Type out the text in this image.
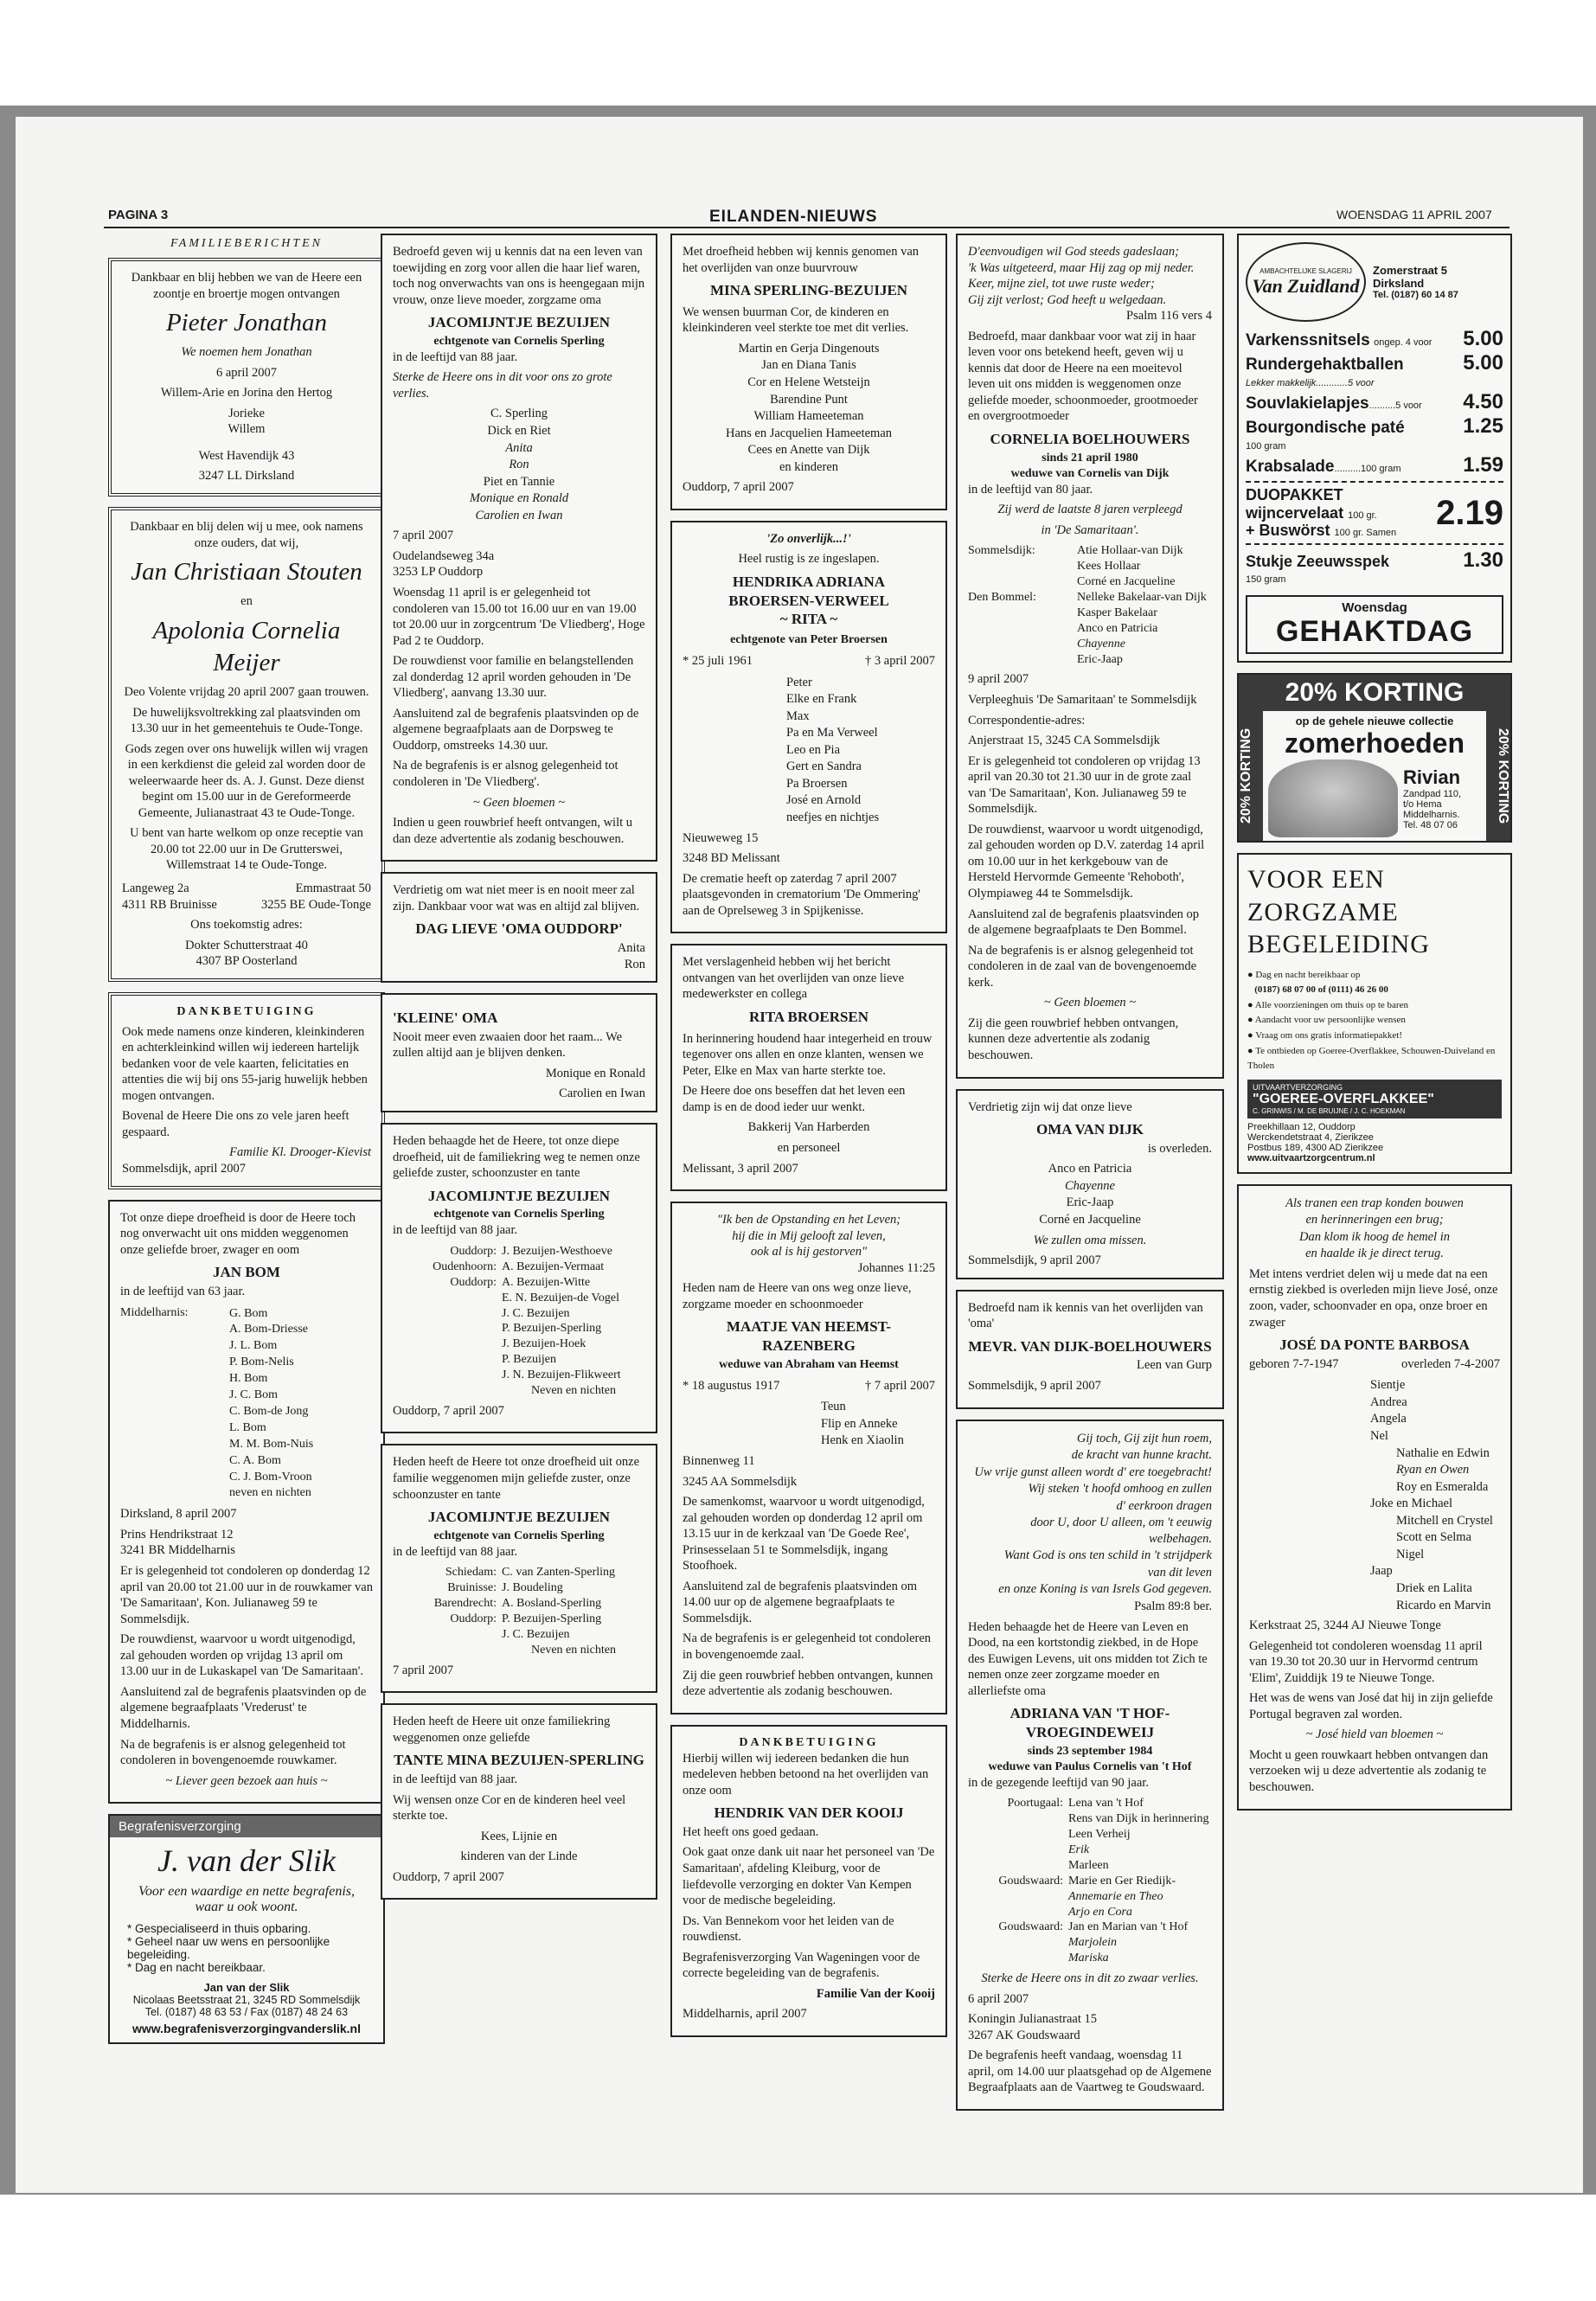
PAGINA 3	EILANDEN-NIEUWS	WOENSDAG 11 APRIL 2007
FAMILIEBERICHTEN
Dankbaar en blij hebben we van de Heere een zoontje en broertje mogen ontvangen
Pieter Jonathan
We noemen hem Jonathan
6 april 2007
Willem-Arie en Jorina den Hertog
Jorieke
Willem
West Havendijk 43
3247 LL Dirksland
Dankbaar en blij delen wij u mee, ook namens onze ouders, dat wij,
Jan Christiaan Stouten
en
Apolonia Cornelia Meijer
Deo Volente vrijdag 20 april 2007 gaan trouwen.
De huwelijksvoltrekking zal plaatsvinden om 13.30 uur in het gemeentehuis te Oude-Tonge.
Gods zegen over ons huwelijk willen wij vragen in een kerkdienst die geleid zal worden door de weleerwaarde heer ds. A. J. Gunst. Deze dienst begint om 15.00 uur in de Gereformeerde Gemeente, Julianastraat 43 te Oude-Tonge.
U bent van harte welkom op onze receptie van 20.00 tot 22.00 uur in De Grutterswei, Willemstraat 14 te Oude-Tonge.
Langeweg 2a
4311 RB Bruinisse
Emmastraat 50
3255 BE Oude-Tonge
Ons toekomstig adres:
Dokter Schutterstraat 40
4307 BP Oosterland
DANKBETUIGING
Ook mede namens onze kinderen, kleinkinderen en achterkleinkind willen wij iedereen hartelijk bedanken voor de vele kaarten, felicitaties en attenties die wij bij ons 55-jarig huwelijk hebben mogen ontvangen.
Bovenal de Heere Die ons zo vele jaren heeft gespaard.
Familie Kl. Drooger-Kievist
Sommelsdijk, april 2007
Tot onze diepe droefheid is door de Heere toch nog onverwacht uit ons midden weggenomen onze geliefde broer, zwager en oom
JAN BOM
in de leeftijd van 63 jaar.
Middelharnis:	G. Bom
A. Bom-Driesse
J. L. Bom
P. Bom-Nelis
H. Bom
J. C. Bom
C. Bom-de Jong
L. Bom
M. M. Bom-Nuis
C. A. Bom
C. J. Bom-Vroon
neven en nichten
Dirksland, 8 april 2007
Prins Hendrikstraat 12
3241 BR Middelharnis
Er is gelegenheid tot condoleren op donderdag 12 april van 20.00 tot 21.00 uur in de rouwkamer van 'De Samaritaan', Kon. Julianaweg 59 te Sommelsdijk.
De rouwdienst, waarvoor u wordt uitgenodigd, zal gehouden worden op vrijdag 13 april om 13.00 uur in de Lukaskapel van 'De Samaritaan'.
Aansluitend zal de begrafenis plaatsvinden op de algemene begraafplaats 'Vrederust' te Middelharnis.
Na de begrafenis is er alsnog gelegenheid tot condoleren in bovengenoemde rouwkamer.
~ Liever geen bezoek aan huis ~
Begrafenisverzorging
J. van der Slik
Voor een waardige en nette begrafenis,
waar u ook woont.
* Gespecialiseerd in thuis opbaring.
* Geheel naar uw wens en persoonlijke begeleiding.
* Dag en nacht bereikbaar.
Jan van der Slik
Nicolaas Beetsstraat 21, 3245 RD Sommelsdijk
Tel. (0187) 48 63 53 / Fax (0187) 48 24 63
www.begrafenisverzorgingvanderslik.nl
Bedroefd geven wij u kennis dat na een leven van toewijding en zorg voor allen die haar lief waren, toch nog onverwachts van ons is heengegaan mijn vrouw, onze lieve moeder, zorgzame oma
JACOMIJNTJE BEZUIJEN
echtgenote van Cornelis Sperling
in de leeftijd van 88 jaar.
Sterke de Heere ons in dit voor ons zo grote verlies.
C. Sperling
Dick en Riet
Anita
Ron
Piet en Tannie
Monique en Ronald
Carolien en Iwan
7 april 2007
Oudelandseweg 34a
3253 LP Ouddorp
Woensdag 11 april is er gelegenheid tot condoleren van 15.00 tot 16.00 uur en van 19.00 tot 20.00 uur in zorgcentrum 'De Vliedberg', Hoge Pad 2 te Ouddorp.
De rouwdienst voor familie en belangstellenden zal donderdag 12 april worden gehouden in 'De Vliedberg', aanvang 13.30 uur.
Aansluitend zal de begrafenis plaatsvinden op de algemene begraafplaats aan de Dorpsweg te Ouddorp, omstreeks 14.30 uur.
Na de begrafenis is er alsnog gelegenheid tot condoleren in 'De Vliedberg'.
~ Geen bloemen ~
Indien u geen rouwbrief heeft ontvangen, wilt u dan deze advertentie als zodanig beschouwen.
Verdrietig om wat niet meer is en nooit meer zal zijn. Dankbaar voor wat was en altijd zal blijven.
DAG LIEVE 'OMA OUDDORP'
Anita
Ron
'KLEINE' OMA
Nooit meer even zwaaien door het raam... We zullen altijd aan je blijven denken.
Monique en Ronald
Carolien en Iwan
Heden behaagde het de Heere, tot onze diepe droefheid, uit de familiekring weg te nemen onze geliefde zuster, schoonzuster en tante
JACOMIJNTJE BEZUIJEN
echtgenote van Cornelis Sperling
in de leeftijd van 88 jaar.
Ouddorp: J. Bezuijen-Westhoeve
Oudenhoorn: A. Bezuijen-Vermaat
Ouddorp: A. Bezuijen-Witte
E. N. Bezuijen-de Vogel
J. C. Bezuijen
P. Bezuijen-Sperling
J. Bezuijen-Hoek
P. Bezuijen
J. N. Bezuijen-Flikweert
Neven en nichten
Ouddorp, 7 april 2007
Heden heeft de Heere tot onze droefheid uit onze familie weggenomen mijn geliefde zuster, onze schoonzuster en tante
JACOMIJNTJE BEZUIJEN
echtgenote van Cornelis Sperling
in de leeftijd van 88 jaar.
Schiedam: C. van Zanten-Sperling
Bruinisse: J. Boudeling
Barendrecht: A. Bosland-Sperling
Ouddorp: P. Bezuijen-Sperling
J. C. Bezuijen
Neven en nichten
7 april 2007
Heden heeft de Heere uit onze familiekring weggenomen onze geliefde
TANTE MINA BEZUIJEN-SPERLING
in de leeftijd van 88 jaar.
Wij wensen onze Cor en de kinderen heel veel sterkte toe.
Kees, Lijnie en
kinderen van der Linde
Ouddorp, 7 april 2007
Met droefheid hebben wij kennis genomen van het overlijden van onze buurvrouw
MINA SPERLING-BEZUIJEN
We wensen buurman Cor, de kinderen en kleinkinderen veel sterkte toe met dit verlies.
Martin en Gerja Dingenouts
Jan en Diana Tanis
Cor en Helene Wetsteijn
Barendine Punt
William Hameeteman
Hans en Jacquelien Hameeteman
Cees en Anette van Dijk
en kinderen
Ouddorp, 7 april 2007
'Zo onverlijk...!'
Heel rustig is ze ingeslapen.
HENDRIKA ADRIANA
BROERSEN-VERWEEL
~ RITA ~
echtgenote van Peter Broersen
* 25 juli 1961	† 3 april 2007
Peter
Elke en Frank
Max
Pa en Ma Verweel
Leo en Pia
Gert en Sandra
Pa Broersen
José en Arnold
neefjes en nichtjes
Nieuweweg 15
3248 BD Melissant
De crematie heeft op zaterdag 7 april 2007 plaatsgevonden in crematorium 'De Ommering' aan de Oprelseweg 3 in Spijkenisse.
Met verslagenheid hebben wij het bericht ontvangen van het overlijden van onze lieve medewerkster en collega
RITA BROERSEN
In herinnering houdend haar integerheid en trouw tegenover ons allen en onze klanten, wensen we Peter, Elke en Max van harte sterkte toe.
De Heere doe ons beseffen dat het leven een damp is en de dood ieder uur wenkt.
Bakkerij Van Harberden
en personeel
Melissant, 3 april 2007
"Ik ben de Opstanding en het Leven;
hij die in Mij gelooft zal leven,
ook al is hij gestorven"
Johannes 11:25
Heden nam de Heere van ons weg onze lieve, zorgzame moeder en schoonmoeder
MAATJE VAN HEEMST-
RAZENBERG
weduwe van Abraham van Heemst
* 18 augustus 1917	† 7 april 2007
Teun
Flip en Anneke
Henk en Xiaolin
Binnenweg 11
3245 AA Sommelsdijk
De samenkomst, waarvoor u wordt uitgenodigd, zal gehouden worden op donderdag 12 april om 13.15 uur in de kerkzaal van 'De Goede Ree', Prinsesselaan 51 te Sommelsdijk, ingang Stoofhoek.
Aansluitend zal de begrafenis plaatsvinden om 14.00 uur op de algemene begraafplaats te Sommelsdijk.
Na de begrafenis is er gelegenheid tot condoleren in bovengenoemde zaal.
Zij die geen rouwbrief hebben ontvangen, kunnen deze advertentie als zodanig beschouwen.
DANKBETUIGING
Hierbij willen wij iedereen bedanken die hun medeleven hebben betoond na het overlijden van onze oom
HENDRIK VAN DER KOOIJ
Het heeft ons goed gedaan.
Ook gaat onze dank uit naar het personeel van 'De Samaritaan', afdeling Kleiburg, voor de liefdevolle verzorging en dokter Van Kempen voor de medische begeleiding.
Ds. Van Bennekom voor het leiden van de rouwdienst.
Begrafenisverzorging Van Wageningen voor de correcte begeleiding van de begrafenis.
Familie Van der Kooij
Middelharnis, april 2007
D'eenvoudigen wil God steeds gadeslaan;
'k Was uitgeteerd, maar Hij zag op mij neder.
Keer, mijne ziel, tot uwe ruste weder;
Gij zijt verlost; God heeft u welgedaan.
Psalm 116 vers 4
Bedroefd, maar dankbaar voor wat zij in haar leven voor ons betekend heeft, geven wij u kennis dat door de Heere na een moeitevol leven uit ons midden is weggenomen onze geliefde moeder, schoonmoeder, grootmoeder en overgrootmoeder
CORNELIA BOELHOUWERS
sinds 21 april 1980
weduwe van Cornelis van Dijk
in de leeftijd van 80 jaar.
Zij werd de laatste 8 jaren verpleegd
in 'De Samaritaan'.
Sommelsdijk:	Atie Hollaar-van Dijk
Kees Hollaar
Corné en Jacqueline
Den Bommel:	Nelleke Bakelaar-van Dijk
Kasper Bakelaar
Anco en Patricia
Chayenne
Eric-Jaap
9 april 2007
Verpleeghuis 'De Samaritaan' te Sommelsdijk
Correspondentie-adres:
Anjerstraat 15, 3245 CA Sommelsdijk
Er is gelegenheid tot condoleren op vrijdag 13 april van 20.30 tot 21.30 uur in de grote zaal van 'De Samaritaan', Kon. Julianaweg 59 te Sommelsdijk.
De rouwdienst, waarvoor u wordt uitgenodigd, zal gehouden worden op D.V. zaterdag 14 april om 10.00 uur in het kerkgebouw van de Hersteld Hervormde Gemeente 'Rehoboth', Olympiaweg 44 te Sommelsdijk.
Aansluitend zal de begrafenis plaatsvinden op de algemene begraafplaats te Den Bommel.
Na de begrafenis is er alsnog gelegenheid tot condoleren in de zaal van de bovengenoemde kerk.
~ Geen bloemen ~
Zij die geen rouwbrief hebben ontvangen, kunnen deze advertentie als zodanig beschouwen.
Verdrietig zijn wij dat onze lieve
OMA VAN DIJK
is overleden.
Anco en Patricia
Chayenne
Eric-Jaap
Corné en Jacqueline
We zullen oma missen.
Sommelsdijk, 9 april 2007
Bedroefd nam ik kennis van het overlijden van 'oma'
MEVR. VAN DIJK-BOELHOUWERS
Leen van Gurp
Sommelsdijk, 9 april 2007
Gij toch, Gij zijt hun roem,
de kracht van hunne kracht.
Uw vrije gunst alleen wordt d' ere toegebracht!
Wij steken 't hoofd omhoog en zullen
d' eerkroon dragen
door U, door U alleen, om 't eeuwig welbehagen.
Want God is ons ten schild in 't strijdperk
van dit leven
en onze Koning is van Isrels God gegeven.
Psalm 89:8 ber.
Heden behaagde het de Heere van Leven en Dood, na een kortstondig ziekbed, in de Hope des Euwigen Levens, uit ons midden tot Zich te nemen onze zeer zorgzame moeder en allerliefste oma
ADRIANA VAN 'T HOF-
VROEGINDEWEIJ
sinds 23 september 1984
weduwe van Paulus Cornelis van 't Hof
in de gezegende leeftijd van 90 jaar.
Poortugaal: Lena van 't Hof
Rens van Dijk in herinnering
Leen Verheij
Erik
Marleen
Goudswaard: Marie en Ger Riedijk-
Annemarie en Theo
Arjo en Cora
Goudswaard: Jan en Marian van 't Hof
Marjolein
Mariska
Sterke de Heere ons in dit zo zwaar verlies.
6 april 2007
Koningin Julianastraat 15
3267 AK Goudswaard
De begrafenis heeft vandaag, woensdag 11 april, om 14.00 uur plaatsgehad op de Algemene Begraafplaats aan de Vaartweg te Goudswaard.
AMBACHTELIJKE SLAGERIJ
Van Zuidland
Zomerstraat 5
Dirksland
Tel. (0187) 60 14 87
Varkenssnitsels ongep. 4 voor 5.00
Rundergehaktballen
Lekker makkelijk............5 voor
5.00
Souvlakielapjes..........5 voor 4.50
Bourgondische paté
100 gram
1.25
Krabsalade..........100 gram	1.59
DUOPAKKET
wijncervelaat 100 gr.
+ Buswörst 100 gr. Samen
2.19
Stukje Zeeuwsspek
150 gram
1.30
Woensdag
GEHAKTDAG
20% KORTING
20% KORTING
op de gehele nieuwe collectie
zomerhoeden
Rivian
Zandpad 110,
t/o Hema
Middelharnis.
Tel. 48 07 06
20% KORTING
VOOR EEN
ZORGZAME
BEGELEIDING
● Dag en nacht bereikbaar op
(0187) 68 07 00 of (0111) 46 26 00
● Alle voorzieningen om thuis op te baren
● Aandacht voor uw persoonlijke wensen
● Vraag om ons gratis informatiepakket!
● Te ontbieden op Goeree-Overflakkee, Schouwen-Duiveland en Tholen
UITVAARTVERZORGING
"GOEREE-OVERFLAKKEE"
C. GRINWIS / M. DE BRUIJNE / J. C. HOEKMAN
Preekhillaan 12, Ouddorp
Werckendetstraat 4, Zierikzee
Postbus 189, 4300 AD Zierikzee
www.uitvaartzorgcentrum.nl
Als tranen een trap konden bouwen
en herinneringen een brug;
Dan klom ik hoog de hemel in
en haalde ik je direct terug.
Met intens verdriet delen wij u mede dat na een ernstig ziekbed is overleden mijn lieve José, onze zoon, vader, schoonvader en opa, onze broer en zwager
JOSÉ DA PONTE BARBOSA
geboren 7-7-1947	overleden 7-4-2007
Sientje
Andrea
Angela
Nel
Nathalie en Edwin
Ryan en Owen
Roy en Esmeralda
Joke en Michael
Mitchell en Crystel
Scott en Selma
Nigel
Jaap
Driek en Lalita
Ricardo en Marvin
Kerkstraat 25, 3244 AJ Nieuwe Tonge
Gelegenheid tot condoleren woensdag 11 april van 19.30 tot 20.30 uur in Hervormd centrum 'Elim', Zuiddijk 19 te Nieuwe Tonge.
Het was de wens van José dat hij in zijn geliefde Portugal begraven zal worden.
~ José hield van bloemen ~
Mocht u geen rouwkaart hebben ontvangen dan verzoeken wij u deze advertentie als zodanig te beschouwen.
